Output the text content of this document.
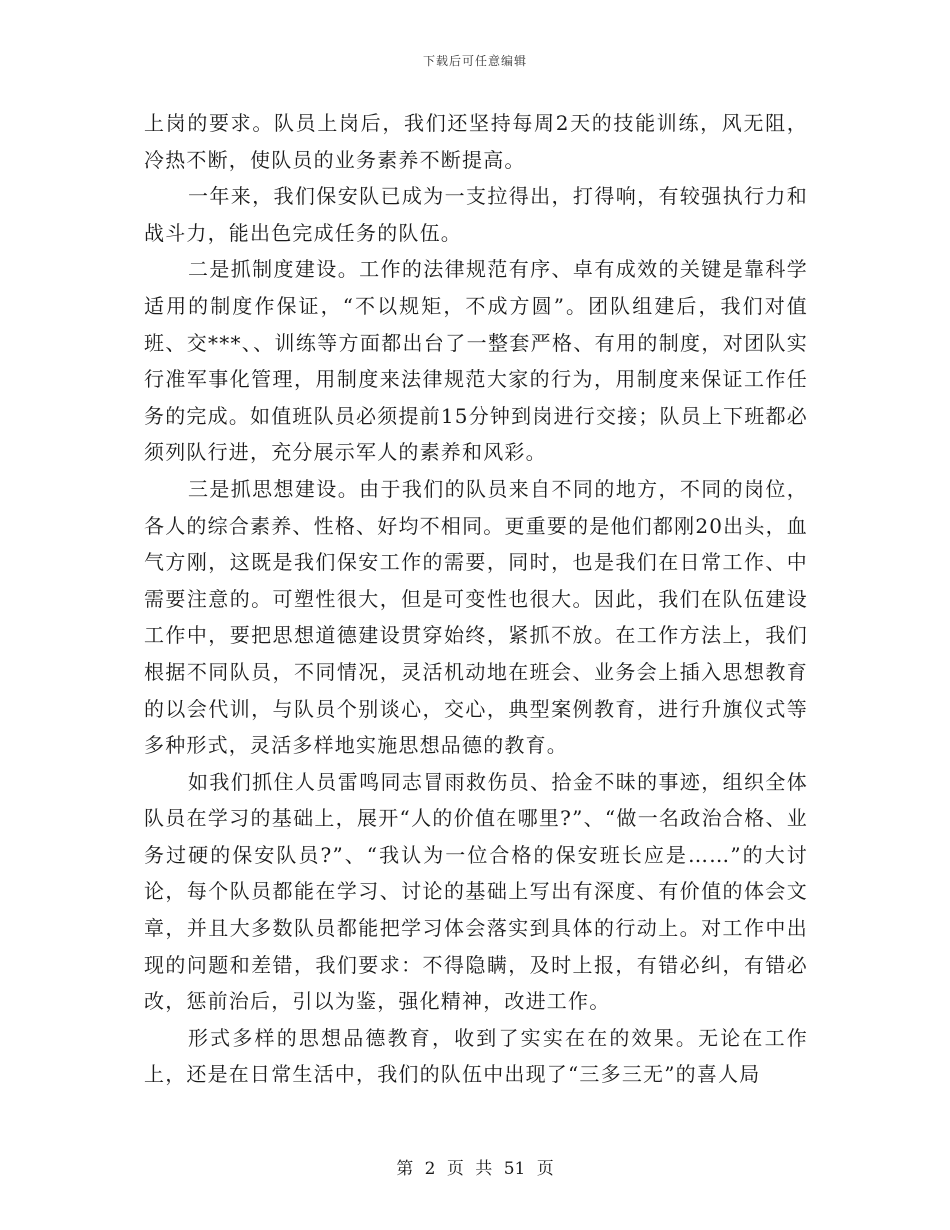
下载后可任意编辑

上岗的要求。队员上岗后，我们还坚持每周2天的技能训练，风无阻，冷热不断，使队员的业务素养不断提高。

一年来，我们保安队已成为一支拉得出，打得响，有较强执行力和战斗力，能出色完成任务的队伍。

二是抓制度建设。工作的法律规范有序、卓有成效的关键是靠科学适用的制度作保证，“不以规矩，不成方圆”。团队组建后，我们对值班、交***、、训练等方面都出台了一整套严格、有用的制度，对团队实行准军事化管理，用制度来法律规范大家的行为，用制度来保证工作任务的完成。如值班队员必须提前15分钟到岗进行交接；队员上下班都必须列队行进，充分展示军人的素养和风彩。

三是抓思想建设。由于我们的队员来自不同的地方，不同的岗位，各人的综合素养、性格、好均不相同。更重要的是他们都刚20出头，血气方刚，这既是我们保安工作的需要，同时，也是我们在日常工作、中需要注意的。可塑性很大，但是可变性也很大。因此，我们在队伍建设工作中，要把思想道德建设贯穿始终，紧抓不放。在工作方法上，我们根据不同队员，不同情况，灵活机动地在班会、业务会上插入思想教育的以会代训，与队员个别谈心，交心，典型案例教育，进行升旗仪式等多种形式，灵活多样地实施思想品德的教育。

如我们抓住人员雷鸣同志冒雨救伤员、拾金不昧的事迹，组织全体队员在学习的基础上，展开“人的价值在哪里?”、“做一名政治合格、业务过硬的保安队员?”、“我认为一位合格的保安班长应是……”的大讨论，每个队员都能在学习、讨论的基础上写出有深度、有价值的体会文章，并且大多数队员都能把学习体会落实到具体的行动上。对工作中出现的问题和差错，我们要求：不得隐瞒，及时上报，有错必纠，有错必改，惩前治后，引以为鉴，强化精神，改进工作。

形式多样的思想品德教育，收到了实实在在的效果。无论在工作上，还是在日常生活中，我们的队伍中出现了“三多三无”的喜人局

第 2 页 共 51 页
